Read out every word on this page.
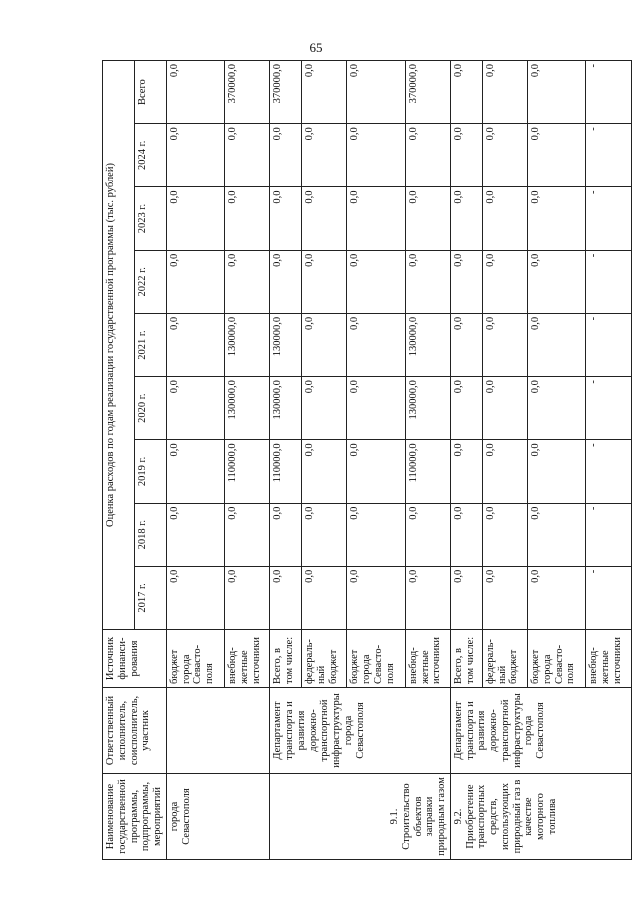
65
Наименование государственной программы, подпрограммы, мероприятий	Ответственный исполнитель, соисполнитель, участник	Источник финанси-рования	Оценка расходов по годам реализации государственной программы (тыс. рублей)								
			2017 г.	2018 г.	2019 г.	2020 г.	2021 г.	2022 г.	2023 г.	2024 г.	Всего
города Севастополя		бюджет города Севасто-поля	0,0	0,0	0,0	0,0	0,0	0,0	0,0	0,0	0,0
		внебюд-жетные источники	0,0	0,0	110000,0	130000,0	130000,0	0,0	0,0	0,0	370000,0
9.1. Строительство объектов заправки природным газом	Департамент транспорта и развития дорожно-транспортной инфраструктуры города Севастополя	Всего, в том числе:	0,0	0,0	110000,0	130000,0	130000,0	0,0	0,0	0,0	370000,0
		федераль-ный бюджет	0,0	0,0	0,0	0,0	0,0	0,0	0,0	0,0	0,0
		бюджет города Севасто-поля	0,0	0,0	0,0	0,0	0,0	0,0	0,0	0,0	0,0
		внебюд-жетные источники	0,0	0,0	110000,0	130000,0	130000,0	0,0	0,0	0,0	370000,0
9.2. Приобретение транспортных средств, использующих природный газ в качестве моторного топлива	Департамент транспорта и развития дорожно-транспортной инфраструктуры города Севастополя	Всего, в том числе:	0,0	0,0	0,0	0,0	0,0	0,0	0,0	0,0	0,0
		федераль-ный бюджет	0,0	0,0	0,0	0,0	0,0	0,0	0,0	0,0	0,0
		бюджет города Севасто-поля	0,0	0,0	0,0	0,0	0,0	0,0	0,0	0,0	0,0
		внебюд-жетные источники	-	-	-	-	-	-	-	-	-
